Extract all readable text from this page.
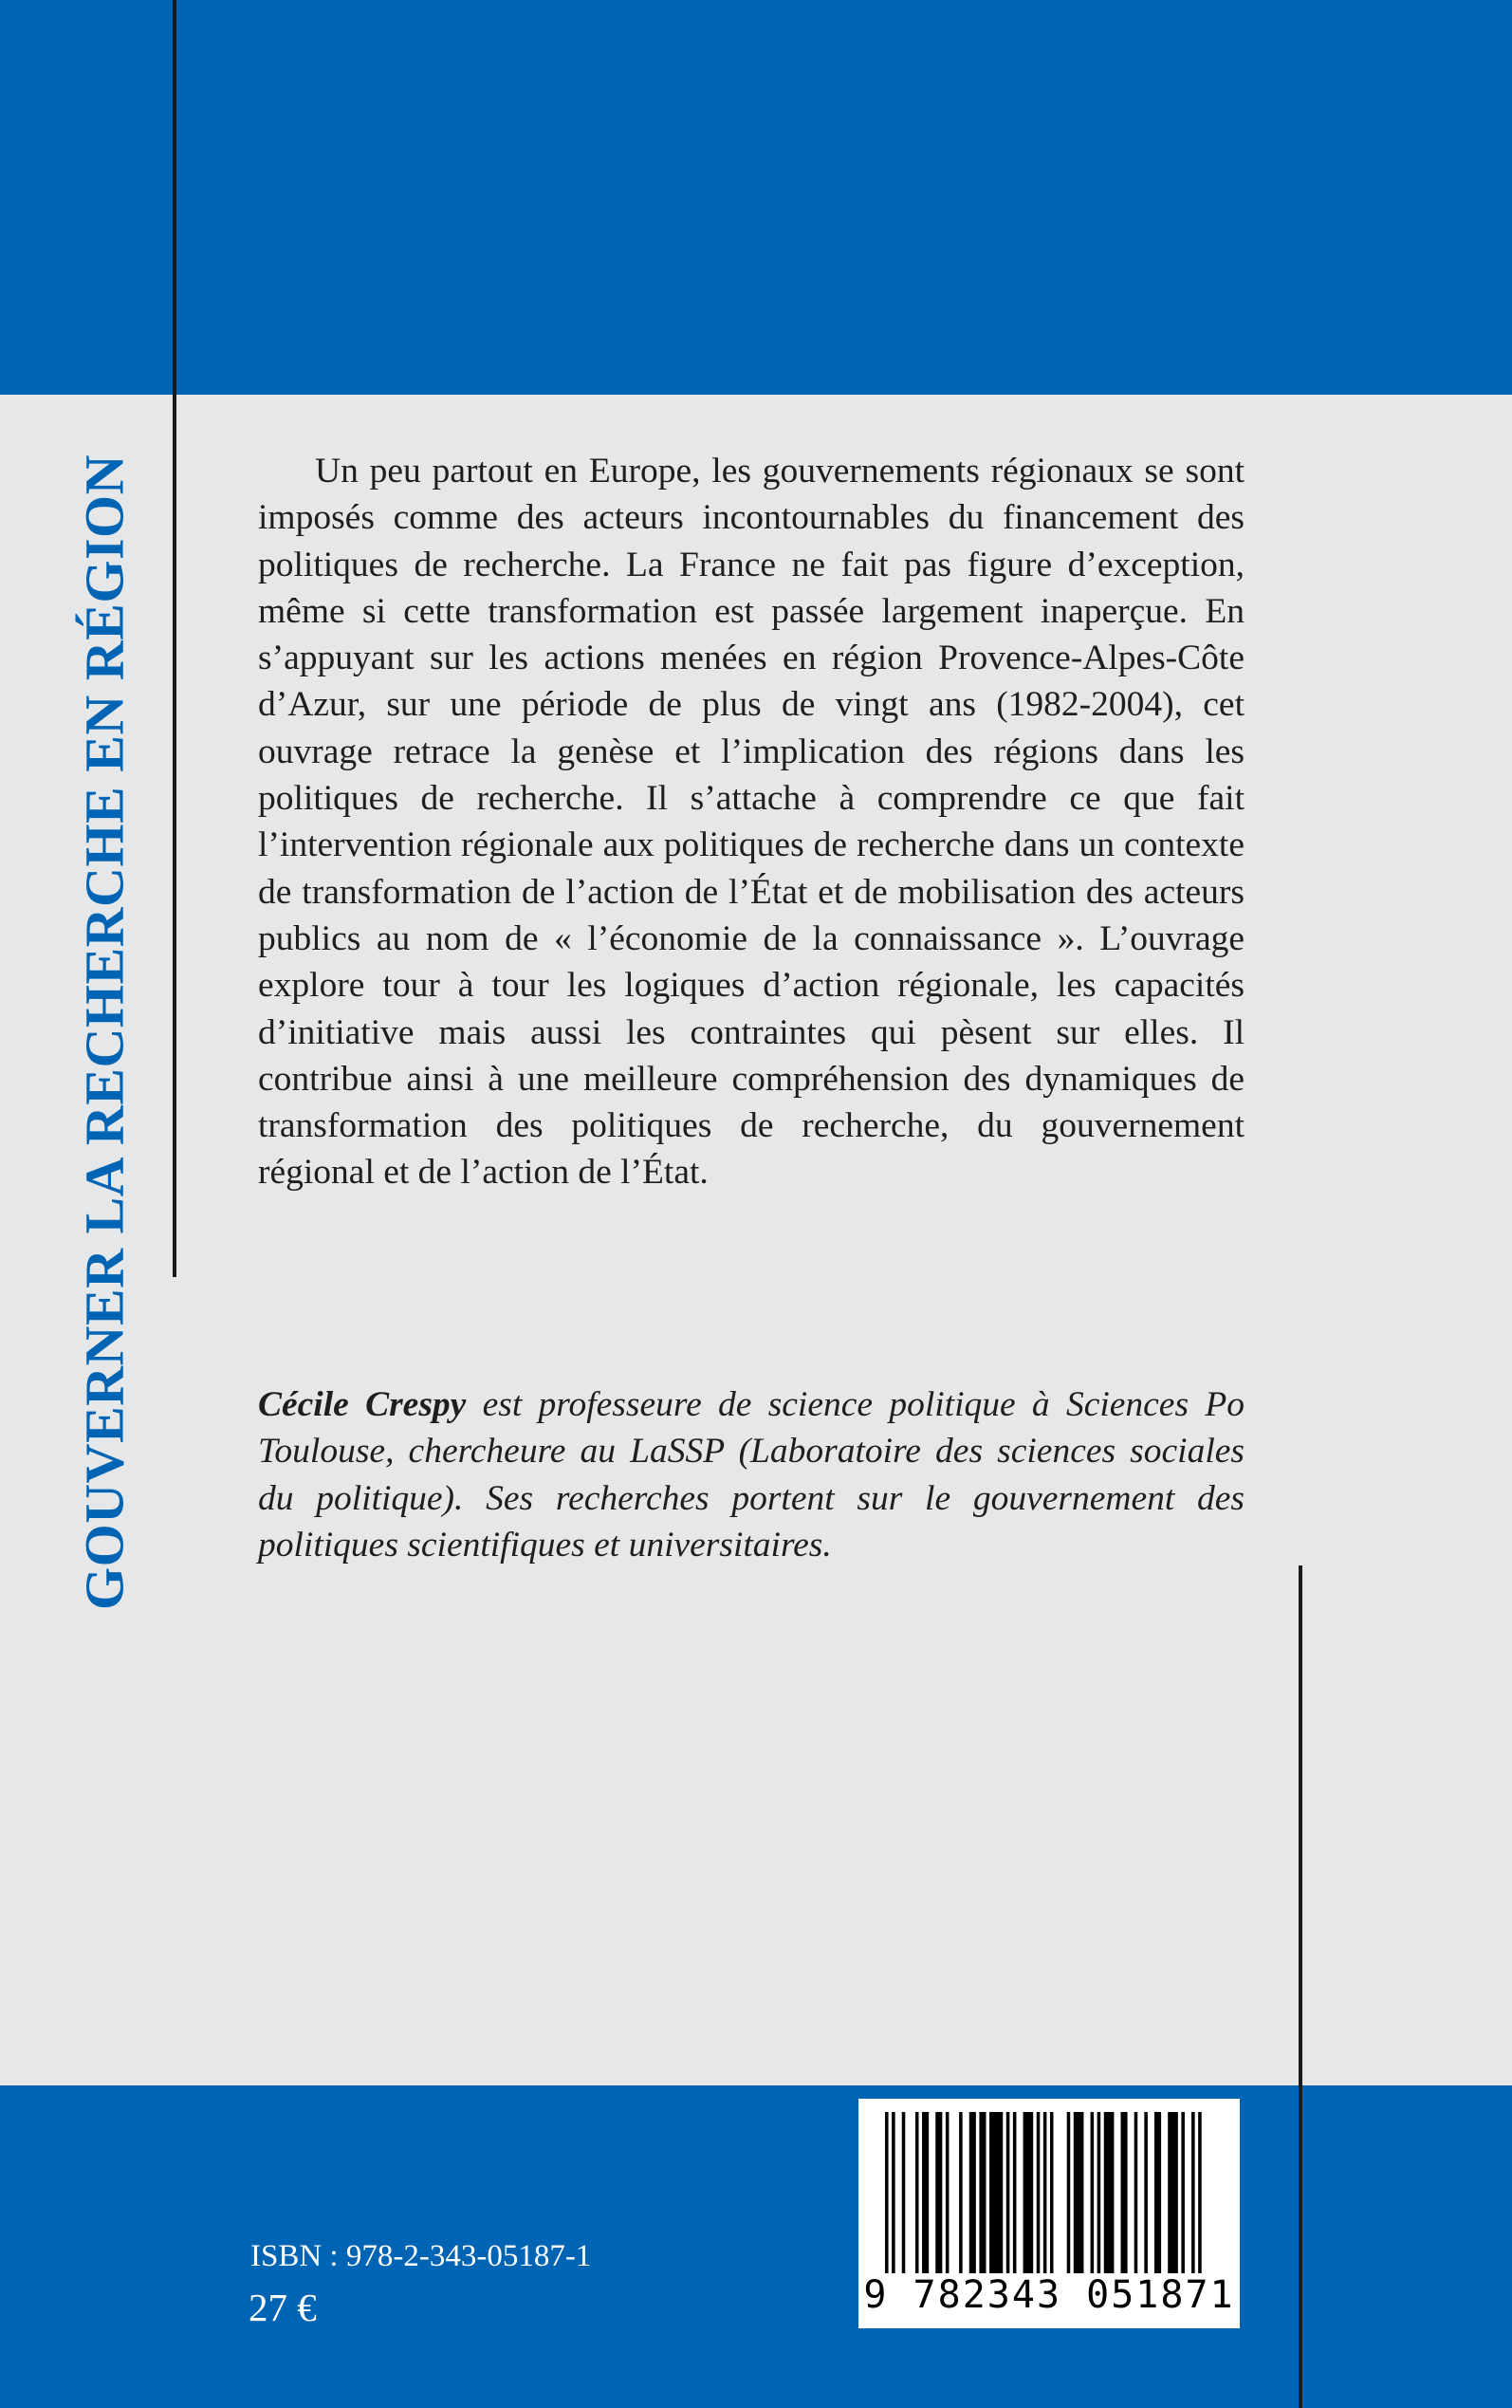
GOUVERNER LA RECHERCHE EN RÉGION	Un peu partout en Europe, les gouvernements régionaux se sont imposés comme des acteurs incontournables du financement des politiques de recherche. La France ne fait pas figure d’exception, même si cette transformation est passée largement inaperçue. En s’appuyant sur les actions menées en région Provence-Alpes-Côte d’Azur, sur une période de plus de vingt ans (1982-2004), cet ouvrage retrace la genèse et l’implication des régions dans les politiques de recherche. Il s’attache à comprendre ce que fait l’intervention régionale aux politiques de recherche dans un contexte de transformation de l’action de l’État et de mobilisation des acteurs publics au nom de « l’économie de la connaissance ». L’ouvrage explore tour à tour les logiques d’action régionale, les capacités d’initiative mais aussi les contraintes qui pèsent sur elles. Il contribue ainsi à une meilleure compréhension des dynamiques de transformation des politiques de recherche, du gouvernement régional et de l’action de l’État.

Cécile Crespy est professeure de science politique à Sciences Po Toulouse, chercheure au LaSSP (Laboratoire des sciences sociales du politique). Ses recherches portent sur le gouvernement des politiques scientifiques et universitaires.

ISBN : 978-2-343-05187-1
27 €	9 782343 051871
